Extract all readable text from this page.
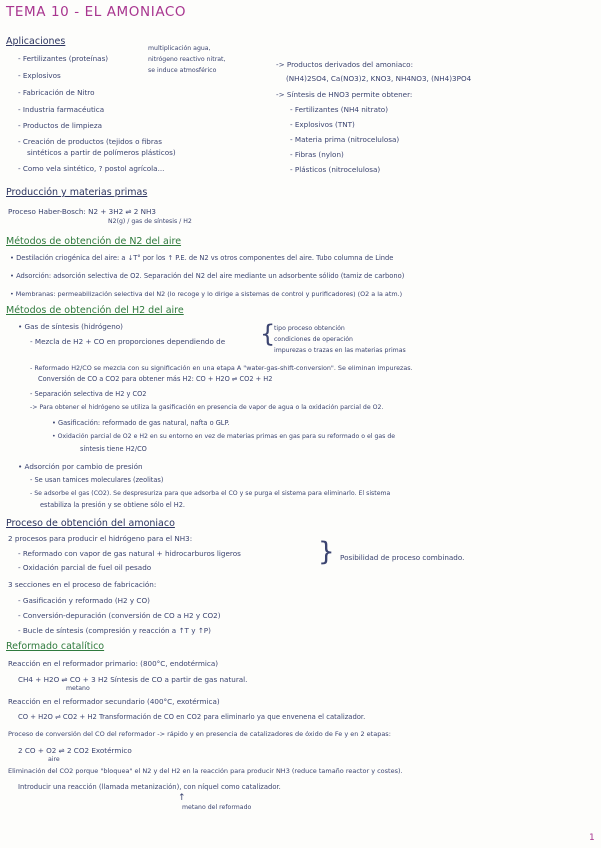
TEMA 10 - EL AMONIACO
Aplicaciones
- Fertilizantes (proteínas)
- Explosivos
- Fabricación de Nitro
- Industria farmacéutica
- Productos de limpieza
- Creación de productos (tejidos o fibras
sintéticos a partir de polímeros plásticos)
- Como vela sintético, ? postol agrícola...
multiplicación agua,
nitrógeno reactivo nitrat,
se induce atmosférico
-> Productos derivados del amoniaco:
(NH4)2SO4, Ca(NO3)2, KNO3, NH4NO3, (NH4)3PO4
-> Síntesis de HNO3 permite obtener:
- Fertilizantes (NH4 nitrato)
- Explosivos (TNT)
- Materia prima (nitrocelulosa)
- Fibras (nylon)
- Plásticos (nitrocelulosa)
Producción y materias primas
Proceso Haber-Bosch: N2 + 3H2 ⇌ 2 NH3
N2(g) / gas de síntesis / H2
Métodos de obtención de N2 del aire
• Destilación criogénica del aire: a ↓T° por los ↑ P.E. de N2 vs otros componentes del aire. Tubo columna de Linde
• Adsorción: adsorción selectiva de O2. Separación del N2 del aire mediante un adsorbente sólido (tamiz de carbono)
• Membranas: permeabilización selectiva del N2 (lo recoge y lo dirige a sistemas de control y purificadores) (O2 a la atm.)
Métodos de obtención del H2 del aire
• Gas de síntesis (hidrógeno)
- Mezcla de H2 + CO en proporciones dependiendo de {
tipo proceso obtención
condiciones de operación
impurezas o trazas en las materias primas
- Reformado H2/CO se mezcla con su significación en una etapa A "water-gas-shift-conversion". Se eliminan impurezas.
Conversión de CO a CO2 para obtener más H2: CO + H2O ⇌ CO2 + H2
- Separación selectiva de H2 y CO2
-> Para obtener el hidrógeno se utiliza la gasificación en presencia de vapor de agua o la oxidación parcial de O2.
• Gasificación: reformado de gas natural, nafta o GLP.
• Oxidación parcial de O2 e H2 en su entorno en vez de materias primas en gas para su reformado o el gas de
síntesis tiene H2/CO
• Adsorción por cambio de presión
- Se usan tamices moleculares (zeolitas)
- Se adsorbe el gas (CO2). Se despresuriza para que adsorba el CO y se purga el sistema para eliminarlo. El sistema
estabiliza la presión y se obtiene sólo el H2.
Proceso de obtención del amoniaco
2 procesos para producir el hidrógeno para el NH3:
- Reformado con vapor de gas natural + hidrocarburos ligeros
- Oxidación parcial de fuel oil pesado
} Posibilidad de proceso combinado.
3 secciones en el proceso de fabricación:
- Gasificación y reformado (H2 y CO)
- Conversión-depuración (conversión de CO a H2 y CO2)
- Bucle de síntesis (compresión y reacción a ↑T y ↑P)
Reformado catalítico
Reacción en el reformador primario: (800°C, endotérmica)
CH4 + H2O ⇌ CO + 3 H2 Síntesis de CO a partir de gas natural.
metano
Reacción en el reformador secundario (400°C, exotérmica)
CO + H2O ⇌ CO2 + H2 Transformación de CO en CO2 para eliminarlo ya que envenena el catalizador.
Proceso de conversión del CO del reformador -> rápido y en presencia de catalizadores de óxido de Fe y en 2 etapas:
2 CO + O2 ⇌ 2 CO2 Exotérmico
aire
Eliminación del CO2 porque "bloquea" el N2 y del H2 en la reacción para producir NH3 (reduce tamaño reactor y costes).
Introducir una reacción (llamada metanización), con níquel como catalizador.
↑
metano del reformado
1
